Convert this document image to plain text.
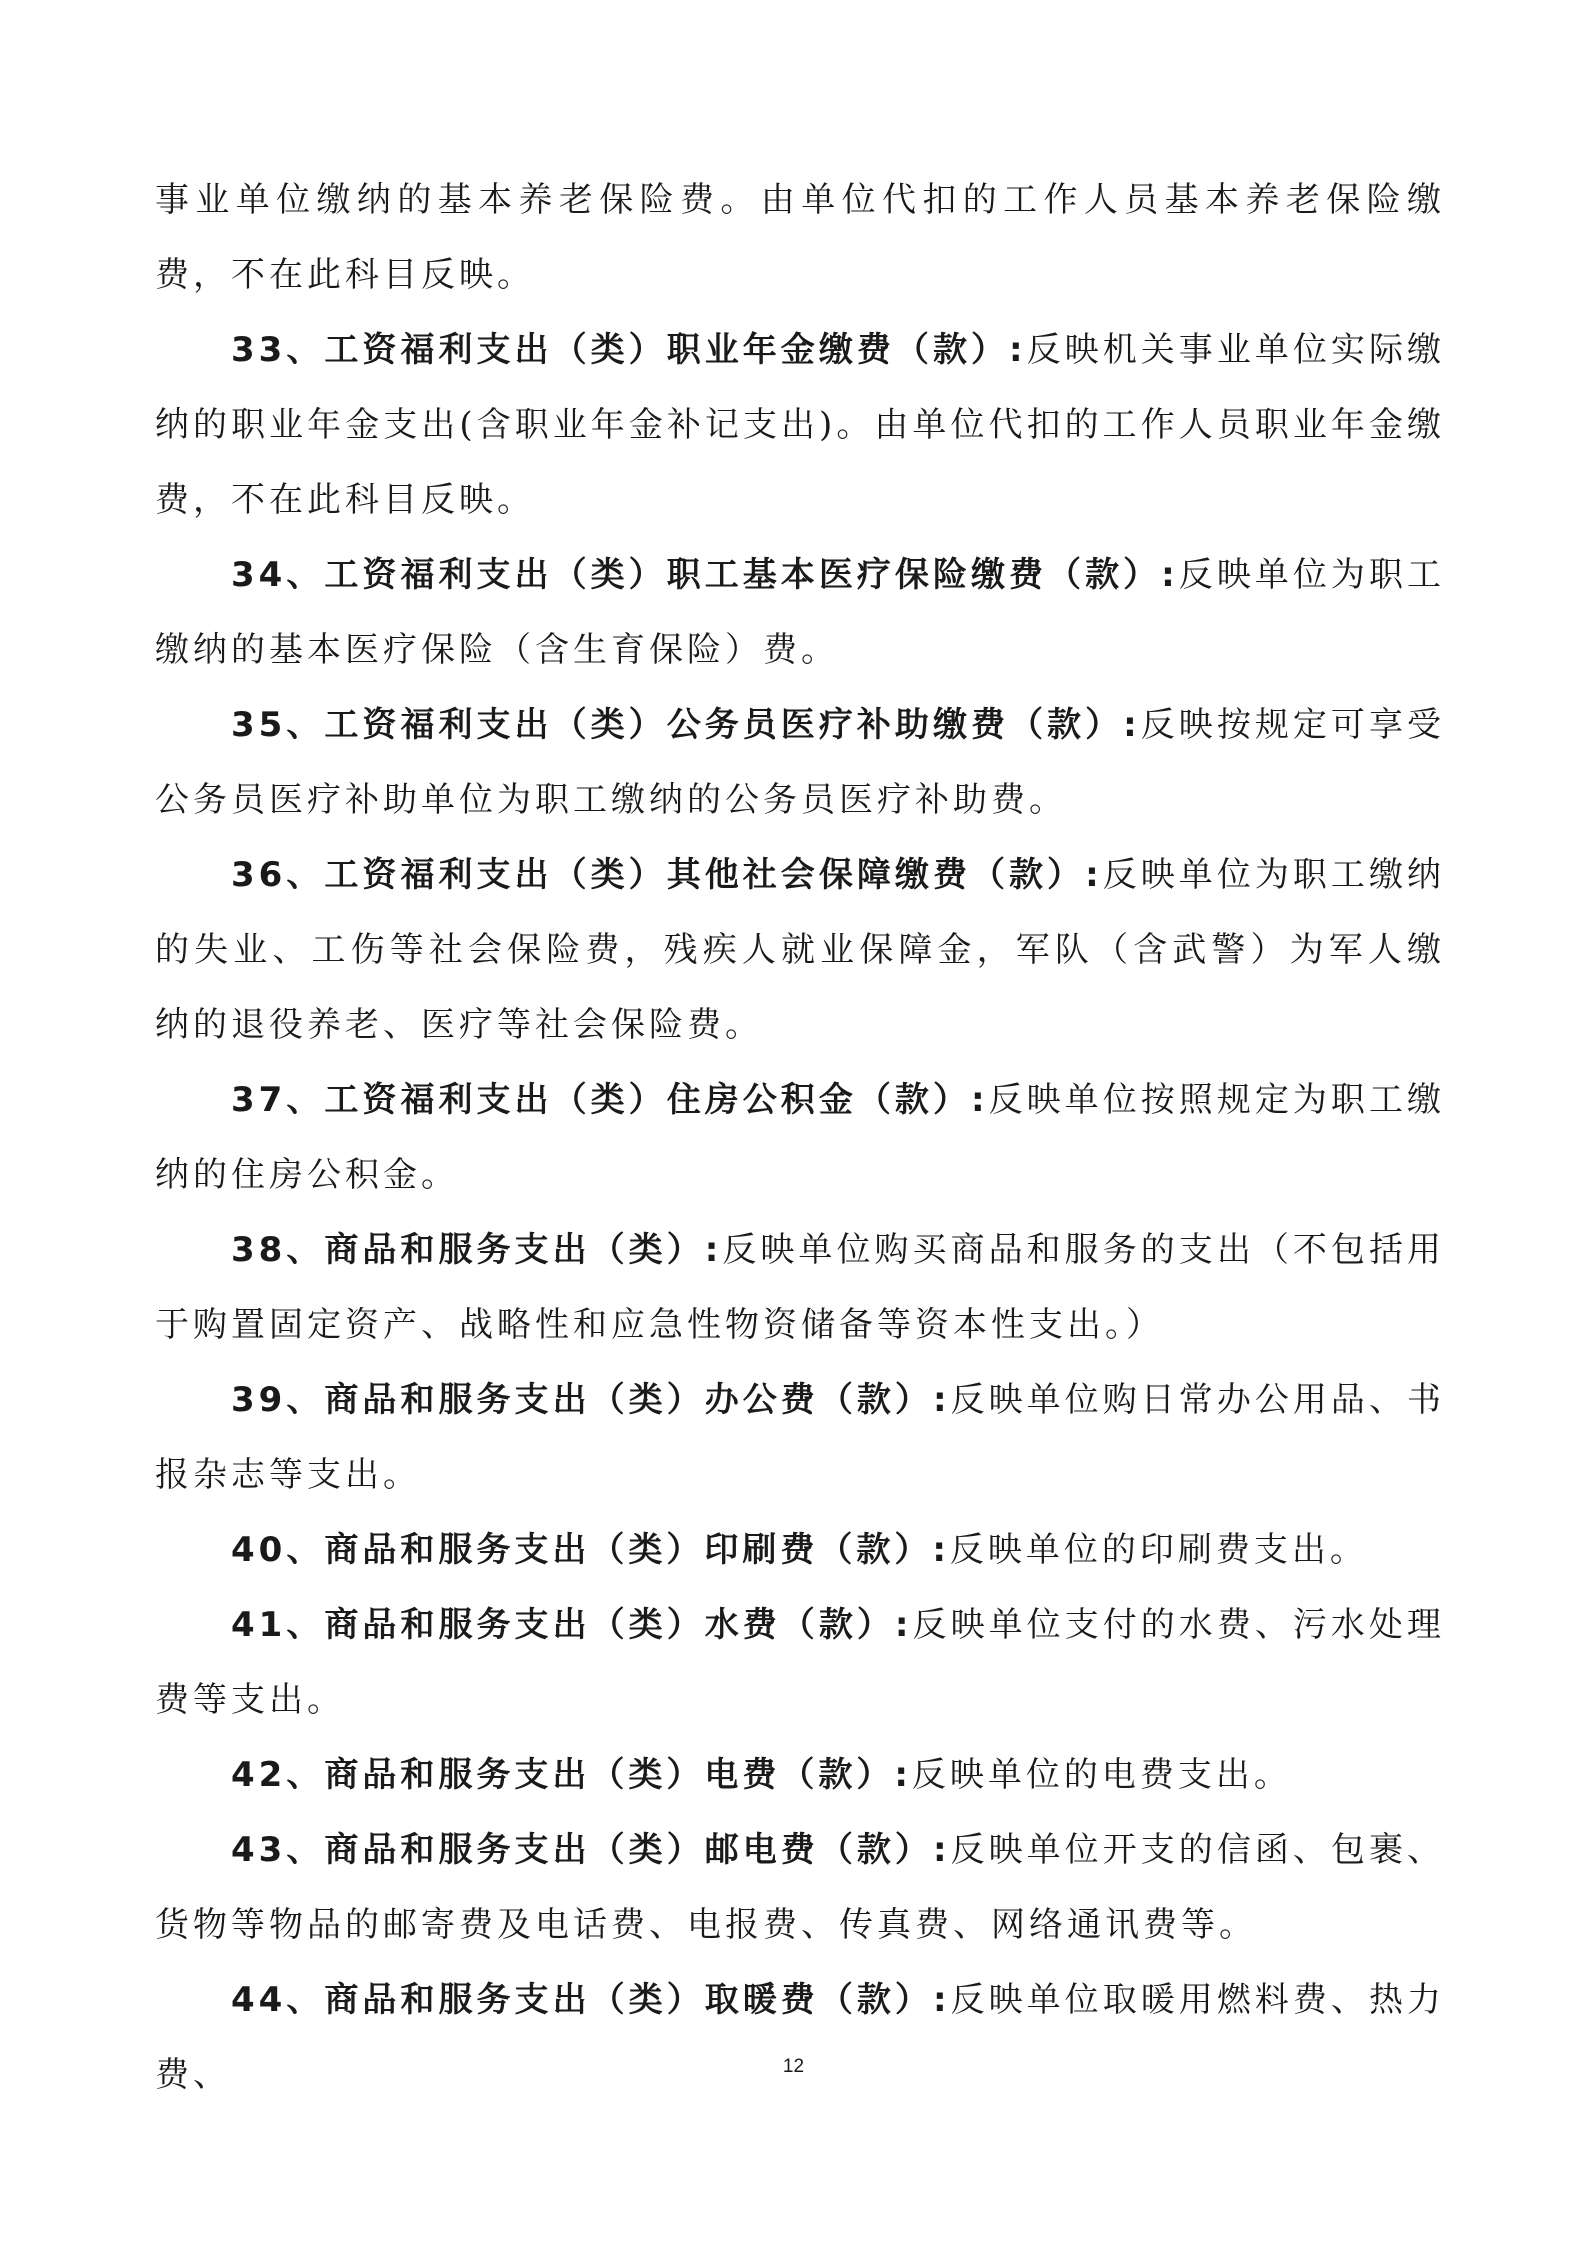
事业单位缴纳的基本养老保险费。由单位代扣的工作人员基本养老保险缴费，不在此科目反映。

33、工资福利支出（类）职业年金缴费（款）:反映机关事业单位实际缴纳的职业年金支出(含职业年金补记支出)。由单位代扣的工作人员职业年金缴费，不在此科目反映。

34、工资福利支出（类）职工基本医疗保险缴费（款）:反映单位为职工缴纳的基本医疗保险（含生育保险）费。

35、工资福利支出（类）公务员医疗补助缴费（款）:反映按规定可享受公务员医疗补助单位为职工缴纳的公务员医疗补助费。

36、工资福利支出（类）其他社会保障缴费（款）:反映单位为职工缴纳的失业、工伤等社会保险费，残疾人就业保障金，军队（含武警）为军人缴纳的退役养老、医疗等社会保险费。

37、工资福利支出（类）住房公积金（款）:反映单位按照规定为职工缴纳的住房公积金。

38、商品和服务支出（类）:反映单位购买商品和服务的支出（不包括用于购置固定资产、战略性和应急性物资储备等资本性支出。）

39、商品和服务支出（类）办公费（款）:反映单位购日常办公用品、书报杂志等支出。

40、商品和服务支出（类）印刷费（款）:反映单位的印刷费支出。

41、商品和服务支出（类）水费（款）:反映单位支付的水费、污水处理费等支出。

42、商品和服务支出（类）电费（款）:反映单位的电费支出。

43、商品和服务支出（类）邮电费（款）:反映单位开支的信函、包裹、货物等物品的邮寄费及电话费、电报费、传真费、网络通讯费等。

44、商品和服务支出（类）取暖费（款）:反映单位取暖用燃料费、热力费、	12
